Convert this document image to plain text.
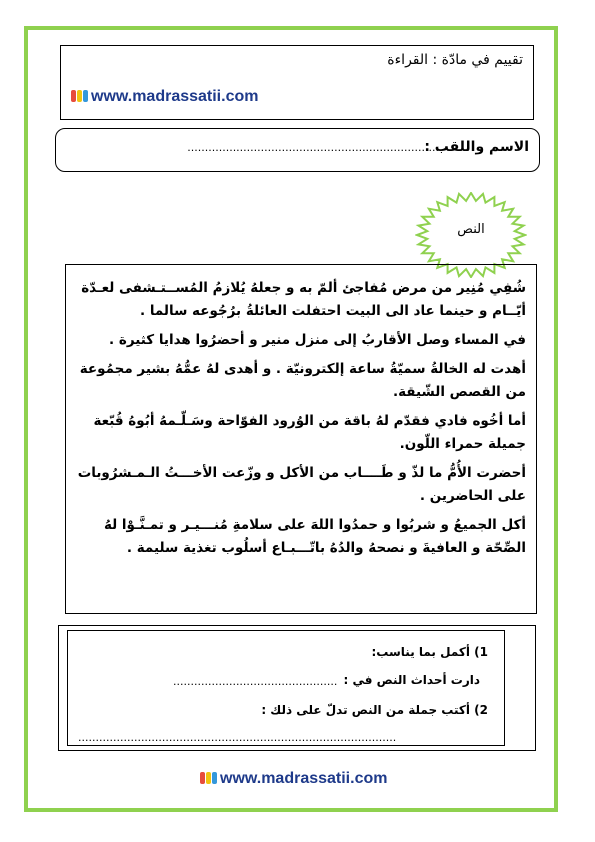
تقييم في مادّة : القراءة
www.madrassatii.com
الاسم واللقب :
........................................................................
النص

شُفِي مُنِير من مرض مُفاجئ ألمّ به و جعلهُ يُلازمُ المُســتـشفى لعـدّة أيّــام و حينما عاد الى البيت احتفلت العائلةُ برُجُوعه سالما .

في المساء وصل الأقاربُ إلى منزل منير و أحضرُوا هدايا كثيرة .

أهدت له الخالةُ سميّةُ ساعة إلكترونيّة . و أهدى لهُ عمُّهُ بشير مجمُوعة من القصص الشّيقة.

أما أخُوه فادي فقدّم لهُ باقة من الوُرود الفوّاحة وسَـلّـمهُ أبُوهُ قُبّعة جميلة حمراء اللّون.

أحضرت الأُمُّ ما لذّ و طَــــاب من الأكل و وزّعت الأخـــتُ الـمـشرُوبات على الحاضرين .

أكل الجميعُ و شربُوا و حمدُوا اللهَ على سلامةِ مُنـــيـر و تمـنَّـوْا لهُ الصِّحّة و العافيةَ و نصحهُ والدُهُ باتّـــبـاع أسلُوب تغذية سليمة .

1) أكمل بما يناسب:
دارت أحداث النص في :
...............................................
2) أكتب جملة من النص تدلّ على ذلك :
...........................................................................................
www.madrassatii.com
